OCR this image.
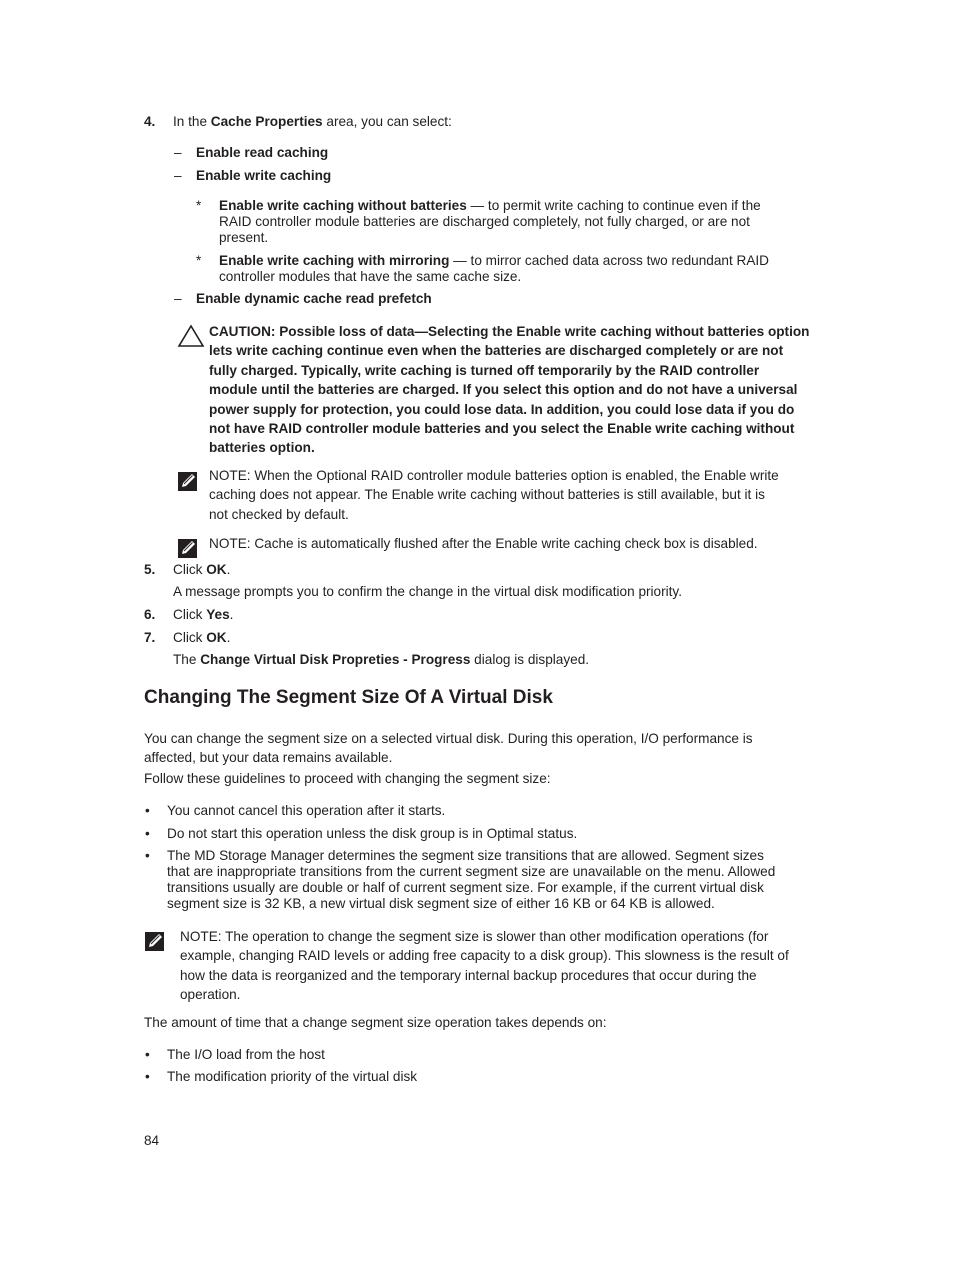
4. In the Cache Properties area, you can select:
– Enable read caching
– Enable write caching
* Enable write caching without batteries — to permit write caching to continue even if the
RAID controller module batteries are discharged completely, not fully charged, or are not
present.
* Enable write caching with mirroring — to mirror cached data across two redundant RAID
controller modules that have the same cache size.
– Enable dynamic cache read prefetch
CAUTION: Possible loss of data—Selecting the Enable write caching without batteries option
lets write caching continue even when the batteries are discharged completely or are not
fully charged. Typically, write caching is turned off temporarily by the RAID controller
module until the batteries are charged. If you select this option and do not have a universal
power supply for protection, you could lose data. In addition, you could lose data if you do
not have RAID controller module batteries and you select the Enable write caching without
batteries option.
NOTE: When the Optional RAID controller module batteries option is enabled, the Enable write
caching does not appear. The Enable write caching without batteries is still available, but it is
not checked by default.
NOTE: Cache is automatically flushed after the Enable write caching check box is disabled.
5. Click OK.
A message prompts you to confirm the change in the virtual disk modification priority.
6. Click Yes.
7. Click OK.
The Change Virtual Disk Propreties - Progress dialog is displayed.
Changing The Segment Size Of A Virtual Disk
You can change the segment size on a selected virtual disk. During this operation, I/O performance is
affected, but your data remains available.
Follow these guidelines to proceed with changing the segment size:
• You cannot cancel this operation after it starts.
• Do not start this operation unless the disk group is in Optimal status.
• The MD Storage Manager determines the segment size transitions that are allowed. Segment sizes
that are inappropriate transitions from the current segment size are unavailable on the menu. Allowed
transitions usually are double or half of current segment size. For example, if the current virtual disk
segment size is 32 KB, a new virtual disk segment size of either 16 KB or 64 KB is allowed.
NOTE: The operation to change the segment size is slower than other modification operations (for
example, changing RAID levels or adding free capacity to a disk group). This slowness is the result of
how the data is reorganized and the temporary internal backup procedures that occur during the
operation.
The amount of time that a change segment size operation takes depends on:
• The I/O load from the host
• The modification priority of the virtual disk
84
